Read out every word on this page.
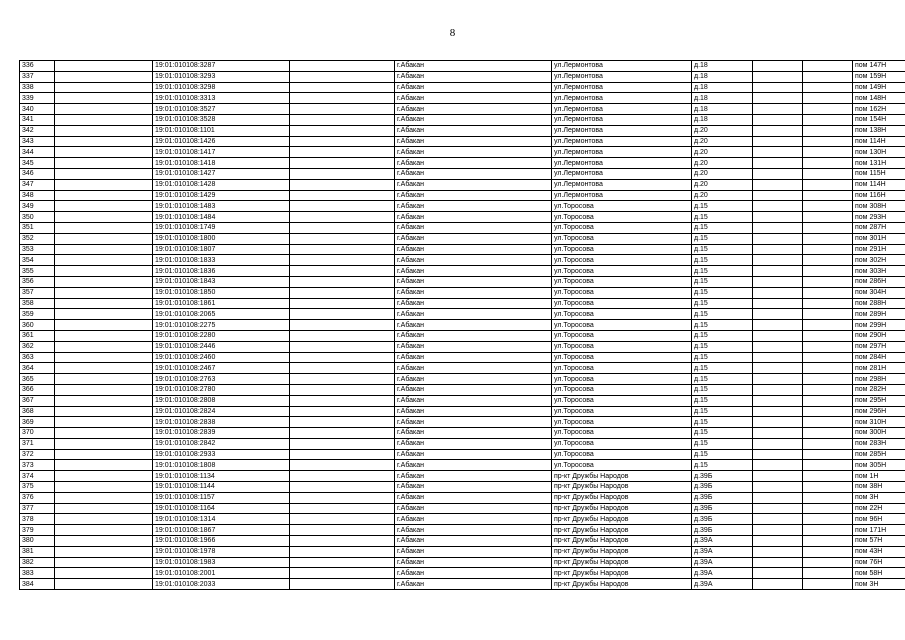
8
336		19:01:010108:3287		г.Абакан	ул.Лермонтова	д.18			пом 147Н
337		19:01:010108:3293		г.Абакан	ул.Лермонтова	д.18			пом 159Н
338		19:01:010108:3298		г.Абакан	ул.Лермонтова	д.18			пом 149Н
339		19:01:010108:3313		г.Абакан	ул.Лермонтова	д.18			пом 148Н
340		19:01:010108:3527		г.Абакан	ул.Лермонтова	д.18			пом 162Н
341		19:01:010108:3528		г.Абакан	ул.Лермонтова	д.18			пом 154Н
342		19:01:010108:1101		г.Абакан	ул.Лермонтова	д.20			пом 138Н
343		19:01:010108:1426		г.Абакан	ул.Лермонтова	д.20			пом 114Н
344		19:01:010108:1417		г.Абакан	ул.Лермонтова	д.20			пом 130Н
345		19:01:010108:1418		г.Абакан	ул.Лермонтова	д.20			пом 131Н
346		19:01:010108:1427		г.Абакан	ул.Лермонтова	д.20			пом 115Н
347		19:01:010108:1428		г.Абакан	ул.Лермонтова	д.20			пом 114Н
348		19:01:010108:1429		г.Абакан	ул.Лермонтова	д.20			пом 116Н
349		19:01:010108:1483		г.Абакан	ул.Торосова	д.15			пом 308Н
350		19:01:010108:1484		г.Абакан	ул.Торосова	д.15			пом 293Н
351		19:01:010108:1749		г.Абакан	ул.Торосова	д.15			пом 287Н
352		19:01:010108:1800		г.Абакан	ул.Торосова	д.15			пом 301Н
353		19:01:010108:1807		г.Абакан	ул.Торосова	д.15			пом 291Н
354		19:01:010108:1833		г.Абакан	ул.Торосова	д.15			пом 302Н
355		19:01:010108:1836		г.Абакан	ул.Торосова	д.15			пом 303Н
356		19:01:010108:1843		г.Абакан	ул.Торосова	д.15			пом 286Н
357		19:01:010108:1850		г.Абакан	ул.Торосова	д.15			пом 304Н
358		19:01:010108:1861		г.Абакан	ул.Торосова	д.15			пом 288Н
359		19:01:010108:2065		г.Абакан	ул.Торосова	д.15			пом 289Н
360		19:01:010108:2275		г.Абакан	ул.Торосова	д.15			пом 299Н
361		19:01:010108:2280		г.Абакан	ул.Торосова	д.15			пом 290Н
362		19:01:010108:2446		г.Абакан	ул.Торосова	д.15			пом 297Н
363		19:01:010108:2460		г.Абакан	ул.Торосова	д.15			пом 284Н
364		19:01:010108:2467		г.Абакан	ул.Торосова	д.15			пом 281Н
365		19:01:010108:2763		г.Абакан	ул.Торосова	д.15			пом 298Н
366		19:01:010108:2780		г.Абакан	ул.Торосова	д.15			пом 282Н
367		19:01:010108:2808		г.Абакан	ул.Торосова	д.15			пом 295Н
368		19:01:010108:2824		г.Абакан	ул.Торосова	д.15			пом 296Н
369		19:01:010108:2838		г.Абакан	ул.Торосова	д.15			пом 310Н
370		19:01:010108:2839		г.Абакан	ул.Торосова	д.15			пом 300Н
371		19:01:010108:2842		г.Абакан	ул.Торосова	д.15			пом 283Н
372		19:01:010108:2933		г.Абакан	ул.Торосова	д.15			пом 285Н
373		19:01:010108:1808		г.Абакан	ул.Торосова	д.15			пом 305Н
374		19:01:010108:1134		г.Абакан	пр-кт Дружбы Народов	д.39Б			пом 1Н
375		19:01:010108:1144		г.Абакан	пр-кт Дружбы Народов	д.39Б			пом 38Н
376		19:01:010108:1157		г.Абакан	пр-кт Дружбы Народов	д.39Б			пом 3Н
377		19:01:010108:1164		г.Абакан	пр-кт Дружбы Народов	д.39Б			пом 22Н
378		19:01:010108:1314		г.Абакан	пр-кт Дружбы Народов	д.39Б			пом 96Н
379		19:01:010108:1867		г.Абакан	пр-кт Дружбы Народов	д.39Б			пом 171Н
380		19:01:010108:1966		г.Абакан	пр-кт Дружбы Народов	д.39А			пом 57Н
381		19:01:010108:1978		г.Абакан	пр-кт Дружбы Народов	д.39А			пом 43Н
382		19:01:010108:1983		г.Абакан	пр-кт Дружбы Народов	д.39А			пом 76Н
383		19:01:010108:2001		г.Абакан	пр-кт Дружбы Народов	д.39А			пом 58Н
384		19:01:010108:2033		г.Абакан	пр-кт Дружбы Народов	д.39А			пом 3Н
